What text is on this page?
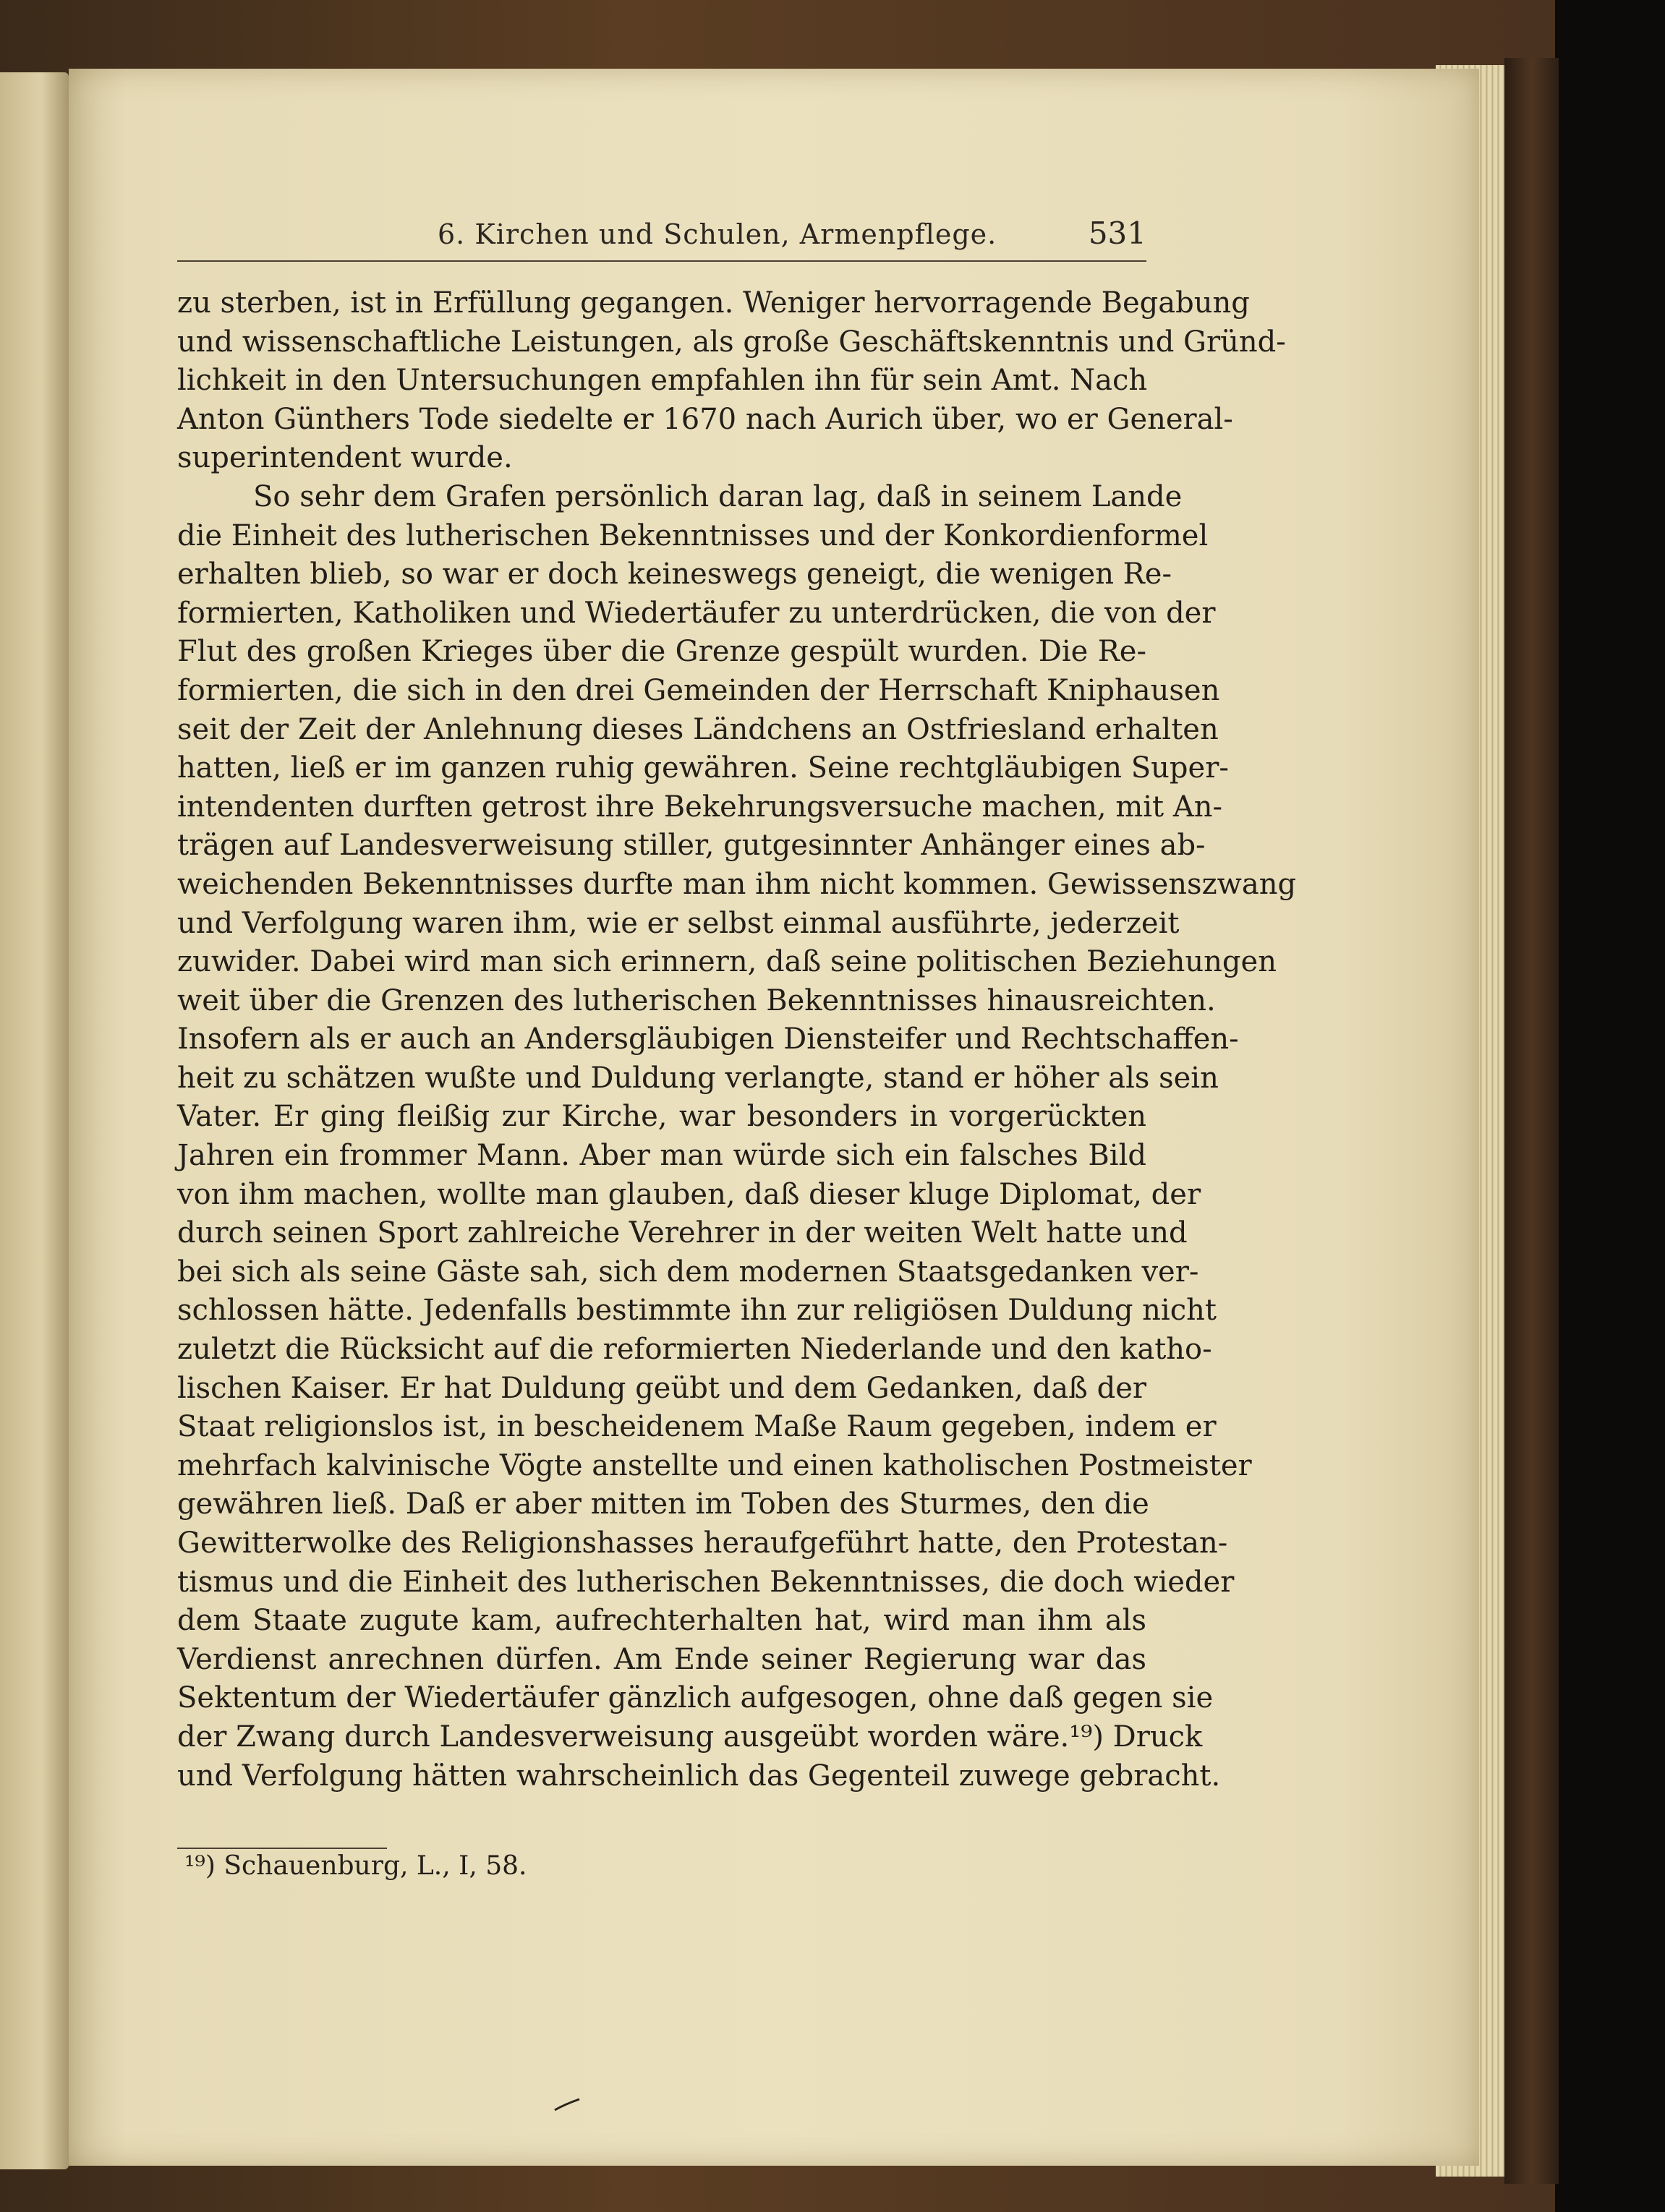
6. Kirchen und Schulen, Armenpflege.	531
zu sterben, ist in Erfüllung gegangen. Weniger hervorragende Begabung
und wissenschaftliche Leistungen, als große Geschäftskenntnis und Gründ-
lichkeit in den Untersuchungen empfahlen ihn für sein Amt. Nach
Anton Günthers Tode siedelte er 1670 nach Aurich über, wo er General-
superintendent wurde.
So sehr dem Grafen persönlich daran lag, daß in seinem Lande
die Einheit des lutherischen Bekenntnisses und der Konkordienformel
erhalten blieb, so war er doch keineswegs geneigt, die wenigen Re-
formierten, Katholiken und Wiedertäufer zu unterdrücken, die von der
Flut des großen Krieges über die Grenze gespült wurden. Die Re-
formierten, die sich in den drei Gemeinden der Herrschaft Kniphausen
seit der Zeit der Anlehnung dieses Ländchens an Ostfriesland erhalten
hatten, ließ er im ganzen ruhig gewähren. Seine rechtgläubigen Super-
intendenten durften getrost ihre Bekehrungsversuche machen, mit An-
trägen auf Landesverweisung stiller, gutgesinnter Anhänger eines ab-
weichenden Bekenntnisses durfte man ihm nicht kommen. Gewissenszwang
und Verfolgung waren ihm, wie er selbst einmal ausführte, jederzeit
zuwider. Dabei wird man sich erinnern, daß seine politischen Beziehungen
weit über die Grenzen des lutherischen Bekenntnisses hinausreichten.
Insofern als er auch an Andersgläubigen Diensteifer und Rechtschaffen-
heit zu schätzen wußte und Duldung verlangte, stand er höher als sein
Vater. Er ging fleißig zur Kirche, war besonders in vorgerückten
Jahren ein frommer Mann. Aber man würde sich ein falsches Bild
von ihm machen, wollte man glauben, daß dieser kluge Diplomat, der
durch seinen Sport zahlreiche Verehrer in der weiten Welt hatte und
bei sich als seine Gäste sah, sich dem modernen Staatsgedanken ver-
schlossen hätte. Jedenfalls bestimmte ihn zur religiösen Duldung nicht
zuletzt die Rücksicht auf die reformierten Niederlande und den katho-
lischen Kaiser. Er hat Duldung geübt und dem Gedanken, daß der
Staat religionslos ist, in bescheidenem Maße Raum gegeben, indem er
mehrfach kalvinische Vögte anstellte und einen katholischen Postmeister
gewähren ließ. Daß er aber mitten im Toben des Sturmes, den die
Gewitterwolke des Religionshasses heraufgeführt hatte, den Protestan-
tismus und die Einheit des lutherischen Bekenntnisses, die doch wieder
dem Staate zugute kam, aufrechterhalten hat, wird man ihm als
Verdienst anrechnen dürfen. Am Ende seiner Regierung war das
Sektentum der Wiedertäufer gänzlich aufgesogen, ohne daß gegen sie
der Zwang durch Landesverweisung ausgeübt worden wäre.¹⁹) Druck
und Verfolgung hätten wahrscheinlich das Gegenteil zuwege gebracht.
¹⁹) Schauenburg, L., I, 58.
